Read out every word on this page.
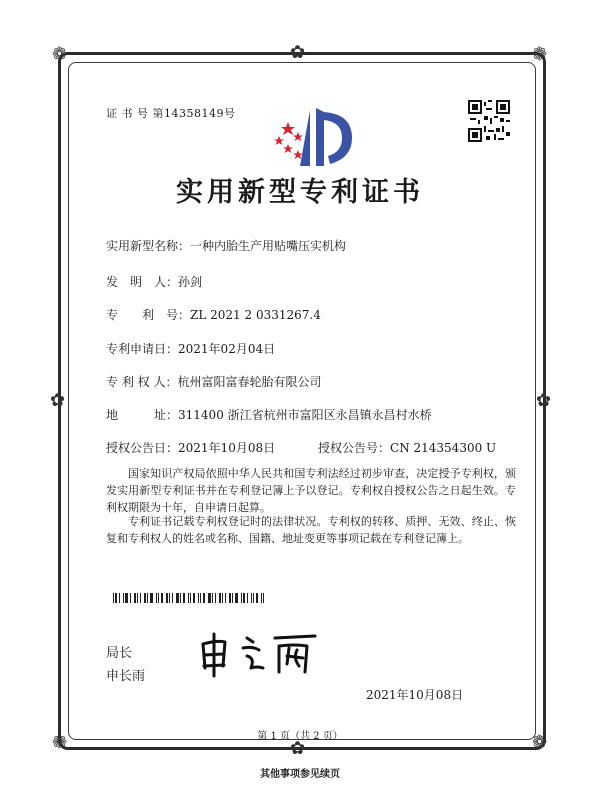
❁	❁
❁	❁
✿
✿
✿	✿
证 书 号 第14358149号
实用新型专利证书
实用新型名称：一种内胎生产用贴嘴压实机构
发　明　人：孙剑
专　　利　号：ZL 2021 2 0331267.4
专利申请日：2021年02月04日
专 利 权 人：杭州富阳富春轮胎有限公司
地　　　址：311400 浙江省杭州市富阳区永昌镇永昌村水桥
授权公告日：2021年10月08日	授权公告号：CN 214354300 U
国家知识产权局依照中华人民共和国专利法经过初步审查，决定授予专利权，颁发实用新型专利证书并在专利登记簿上予以登记。专利权自授权公告之日起生效。专利权期限为十年，自申请日起算。
专利证书记载专利权登记时的法律状况。专利权的转移、质押、无效、终止、恢复和专利权人的姓名或名称、国籍、地址变更等事项记载在专利登记簿上。
局长
申长雨
2021年10月08日
第 1 页（共 2 页）
其他事项参见续页
